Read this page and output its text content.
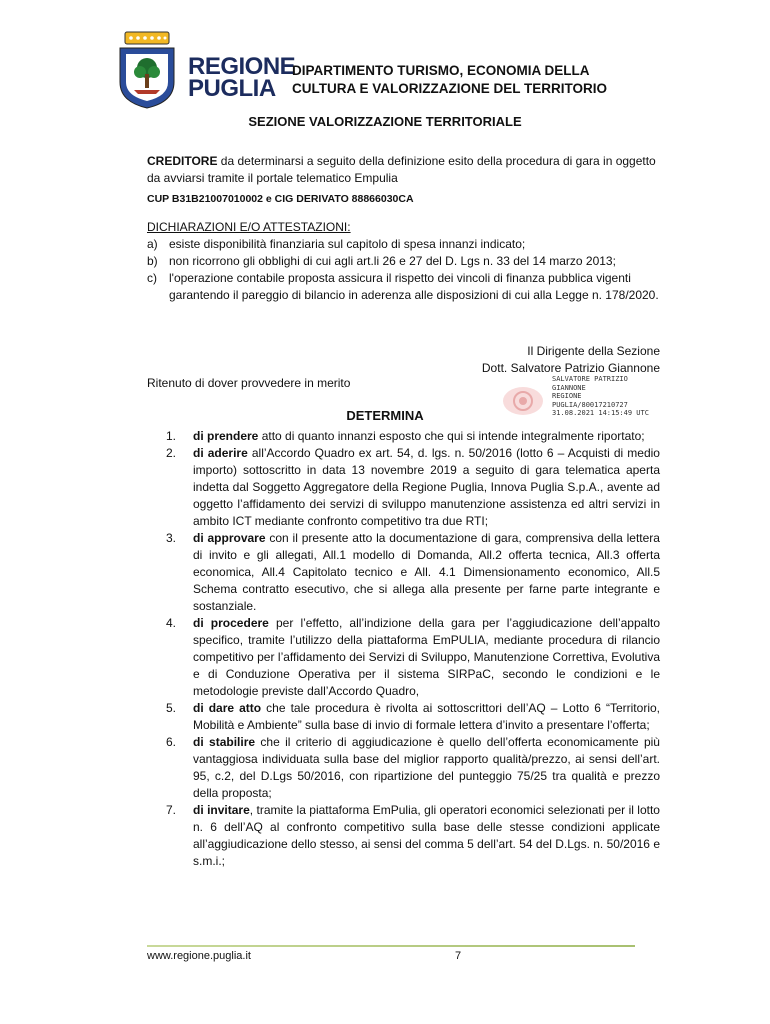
REGIONE
PUGLIA
DIPARTIMENTO TURISMO, ECONOMIA DELLA
CULTURA E VALORIZZAZIONE DEL TERRITORIO
SEZIONE VALORIZZAZIONE TERRITORIALE
CREDITORE da determinarsi a seguito della definizione esito della procedura di gara in oggetto da avviarsi tramite il portale telematico Empulia
CUP B31B21007010002 e CIG DERIVATO 88866030CA
DICHIARAZIONI E/O ATTESTAZIONI:
a) esiste disponibilità finanziaria sul capitolo di spesa innanzi indicato;
b) non ricorrono gli obblighi di cui agli art.li 26 e 27 del D. Lgs n. 33 del 14 marzo 2013;
c) l'operazione contabile proposta assicura il rispetto dei vincoli di finanza pubblica vigenti garantendo il pareggio di bilancio in aderenza alle disposizioni di cui alla Legge n. 178/2020.
Il Dirigente della Sezione
Dott. Salvatore Patrizio Giannone
Ritenuto di dover provvedere in merito	SALVATORE PATRIZIO
GIANNONE
REGIONE
PUGLIA/80017210727
31.08.2021 14:15:49 UTC
DETERMINA
1. di prendere atto di quanto innanzi esposto che qui si intende integralmente riportato;
2. di aderire all’Accordo Quadro ex art. 54, d. lgs. n. 50/2016 (lotto 6 – Acquisti di medio importo) sottoscritto in data 13 novembre 2019 a seguito di gara telematica aperta indetta dal Soggetto Aggregatore della Regione Puglia, Innova Puglia S.p.A., avente ad oggetto l’affidamento dei servizi di sviluppo manutenzione assistenza ed altri servizi in ambito ICT mediante confronto competitivo tra due RTI;
3. di approvare con il presente atto la documentazione di gara, comprensiva della lettera di invito e gli allegati, All.1 modello di Domanda, All.2 offerta tecnica, All.3 offerta economica, All.4 Capitolato tecnico e All. 4.1 Dimensionamento economico, All.5 Schema contratto esecutivo, che si allega alla presente per farne parte integrante e sostanziale.
4. di procedere per l’effetto, all’indizione della gara per l’aggiudicazione dell’appalto specifico, tramite l’utilizzo della piattaforma EmPULIA, mediante procedura di rilancio competitivo per l’affidamento dei Servizi di Sviluppo, Manutenzione Correttiva, Evolutiva e di Conduzione Operativa per il sistema SIRPaC, secondo le condizioni e le metodologie previste dall’Accordo Quadro,
5. di dare atto che tale procedura è rivolta ai sottoscrittori dell’AQ – Lotto 6 “Territorio, Mobilità e Ambiente” sulla base di invio di formale lettera d’invito a presentare l’offerta;
6. di stabilire che il criterio di aggiudicazione è quello dell’offerta economicamente più vantaggiosa individuata sulla base del miglior rapporto qualità/prezzo, ai sensi dell’art. 95, c.2, del D.Lgs 50/2016, con ripartizione del punteggio 75/25 tra qualità e prezzo della proposta;
7. di invitare, tramite la piattaforma EmPulia, gli operatori economici selezionati per il lotto n. 6 dell’AQ al confronto competitivo sulla base delle stesse condizioni applicate all’aggiudicazione dello stesso, ai sensi del comma 5 dell’art. 54 del D.Lgs. n. 50/2016 e s.m.i.;
www.regione.puglia.it	7
